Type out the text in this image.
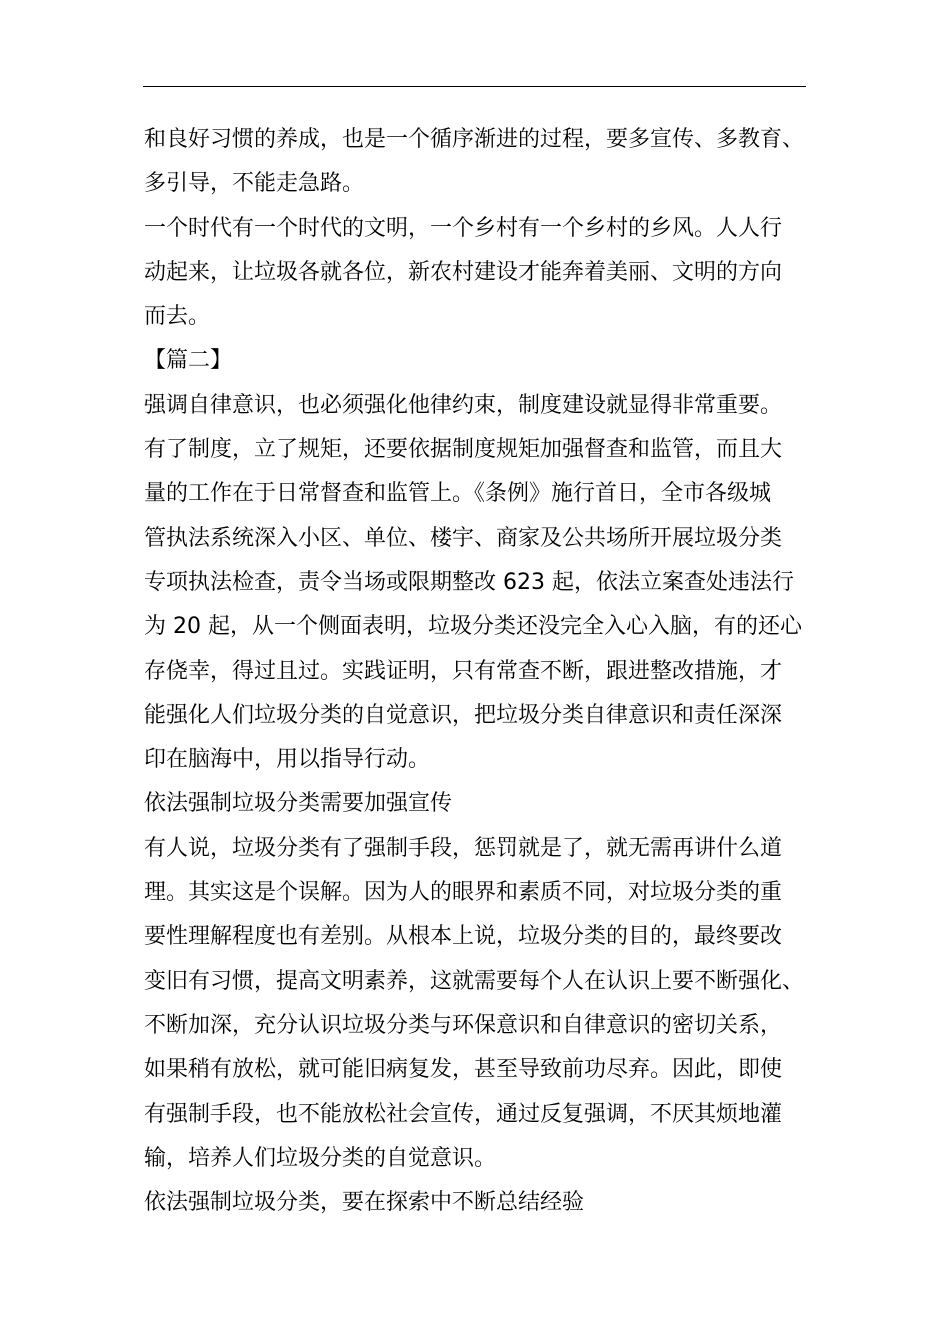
和良好习惯的养成，也是一个循序渐进的过程，要多宣传、多教育、
多引导，不能走急路。
一个时代有一个时代的文明，一个乡村有一个乡村的乡风。人人行
动起来，让垃圾各就各位，新农村建设才能奔着美丽、文明的方向
而去。
【篇二】
强调自律意识，也必须强化他律约束，制度建设就显得非常重要。
有了制度，立了规矩，还要依据制度规矩加强督查和监管，而且大
量的工作在于日常督查和监管上。《条例》施行首日，全市各级城
管执法系统深入小区、单位、楼宇、商家及公共场所开展垃圾分类
专项执法检查，责令当场或限期整改 623 起，依法立案查处违法行
为 20 起，从一个侧面表明，垃圾分类还没完全入心入脑，有的还心
存侥幸，得过且过。实践证明，只有常查不断，跟进整改措施，才
能强化人们垃圾分类的自觉意识，把垃圾分类自律意识和责任深深
印在脑海中，用以指导行动。
依法强制垃圾分类需要加强宣传
有人说，垃圾分类有了强制手段，惩罚就是了，就无需再讲什么道
理。其实这是个误解。因为人的眼界和素质不同，对垃圾分类的重
要性理解程度也有差别。从根本上说，垃圾分类的目的，最终要改
变旧有习惯，提高文明素养，这就需要每个人在认识上要不断强化、
不断加深，充分认识垃圾分类与环保意识和自律意识的密切关系，
如果稍有放松，就可能旧病复发，甚至导致前功尽弃。因此，即使
有强制手段，也不能放松社会宣传，通过反复强调，不厌其烦地灌
输，培养人们垃圾分类的自觉意识。
依法强制垃圾分类，要在探索中不断总结经验
